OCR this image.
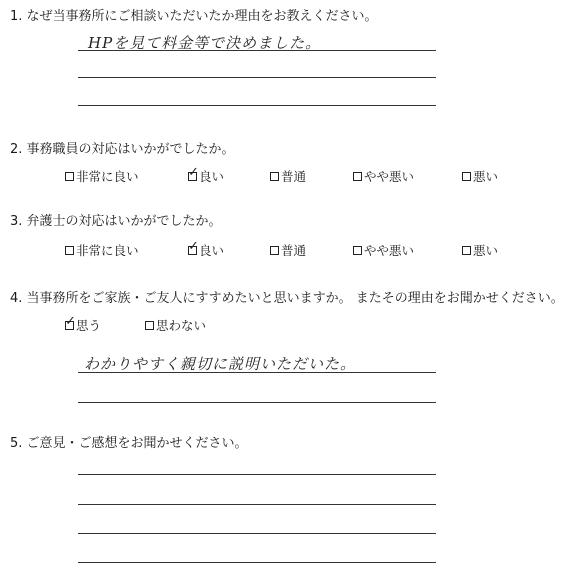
1. なぜ当事務所にご相談いただいたか理由をお教えください。
HPを見て料金等で決めました。
2. 事務職員の対応はいかがでしたか。
非常に良い	✓ 良い	普通	やや悪い	悪い
3. 弁護士の対応はいかがでしたか。
非常に良い	✓ 良い	普通	やや悪い	悪い
4. 当事務所をご家族・ご友人にすすめたいと思いますか。 またその理由をお聞かせください。
✓ 思う	思わない
わかりやすく親切に説明いただいた。
5. ご意見・ご感想をお聞かせください。
